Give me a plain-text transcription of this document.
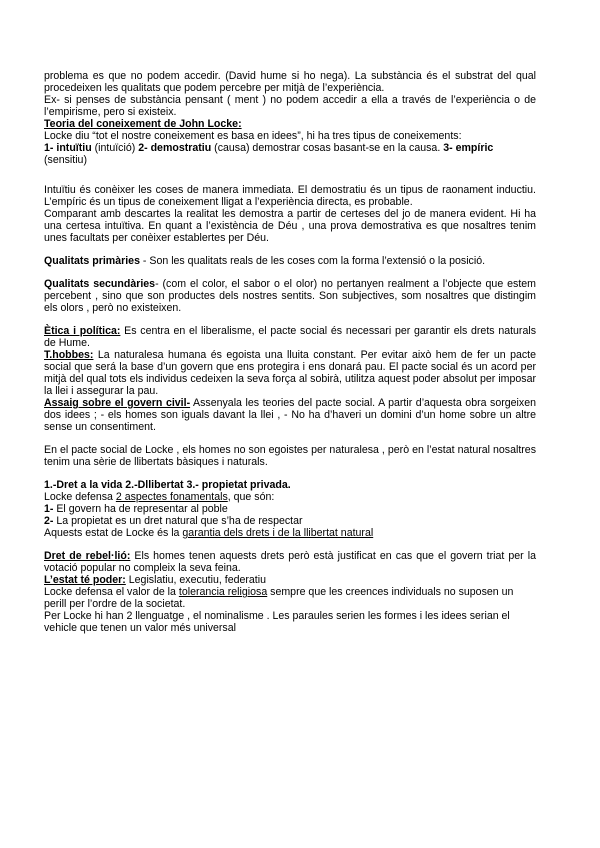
problema es que no podem accedir. (David hume si ho nega). La substància és el substrat del qual procedeixen les qualitats que podem percebre per mitjà de l’experiència.

Ex- si penses de substància pensant ( ment ) no podem accedir a ella a través de l’experiència o de l’empirisme, pero si existeix.

Teoria del coneixement de John Locke:

Locke diu “tot el nostre coneixement es basa en idees”, hi ha tres tipus de coneixements:

1- intuïtiu (intuïció) 2- demostratiu (causa) demostrar cosas basant-se en la causa. 3- empíric
(sensitiu)

Intuïtiu és conèixer les coses de manera immediata. El demostratiu és un tipus de raonament inductiu. L’empíric és un tipus de coneixement lligat a l’experiència directa, es probable.

Comparant amb descartes la realitat les demostra a partir de certeses del jo de manera evident. Hi ha una certesa intuïtiva. En quant a l’existència de Déu , una prova demostrativa es que nosaltres tenim unes facultats per conèixer establertes per Déu.

Qualitats primàries - Son les qualitats reals de les coses com la forma l’extensió o la posició.

Qualitats secundàries- (com el color, el sabor o el olor) no pertanyen realment a l’objecte que estem percebent , sino que son productes dels nostres sentits. Son subjectives, som nosaltres que distingim els olors , però no existeixen.

Ètica i política: Es centra en el liberalisme, el pacte social és necessari per garantir els drets naturals de Hume.

T.hobbes: La naturalesa humana és egoista una lluita constant. Per evitar això hem de fer un pacte social que será la base d’un govern que ens protegira i ens donará pau. El pacte social és un acord per mitjà del qual tots els individus cedeixen la seva força al sobirà, utilitza aquest poder absolut per imposar la llei i assegurar la pau.

Assaig sobre el govern civil- Assenyala les teories del pacte social. A partir d’aquesta obra sorgeixen dos idees ; - els homes son iguals davant la llei , - No ha d’haveri un domini d’un home sobre un altre sense un consentiment.

En el pacte social de Locke , els homes no son egoistes per naturalesa , però en l’estat natural nosaltres tenim una sèrie de llibertats bàsiques i naturals.

1.-Dret a la vida 2.-Dllibertat 3.- propietat privada.

Locke defensa 2 aspectes fonamentals, que són:

1- El govern ha de representar al poble

2- La propietat es un dret natural que s’ha de respectar

Aquests estat de Locke és la garantia dels drets i de la llibertat natural

Dret de rebel·lió: Els homes tenen aquests drets però està justificat en cas que el govern triat per la votació popular no compleix la seva feina.

L’estat té poder: Legislatiu, executiu, federatiu

Locke defensa el valor de la tolerancia religiosa sempre que les creences individuals no suposen un perill per l’ordre de la societat.

Per Locke hi han 2 llenguatge , el nominalisme . Les paraules serien les formes i les idees serian el vehicle que tenen un valor més universal
